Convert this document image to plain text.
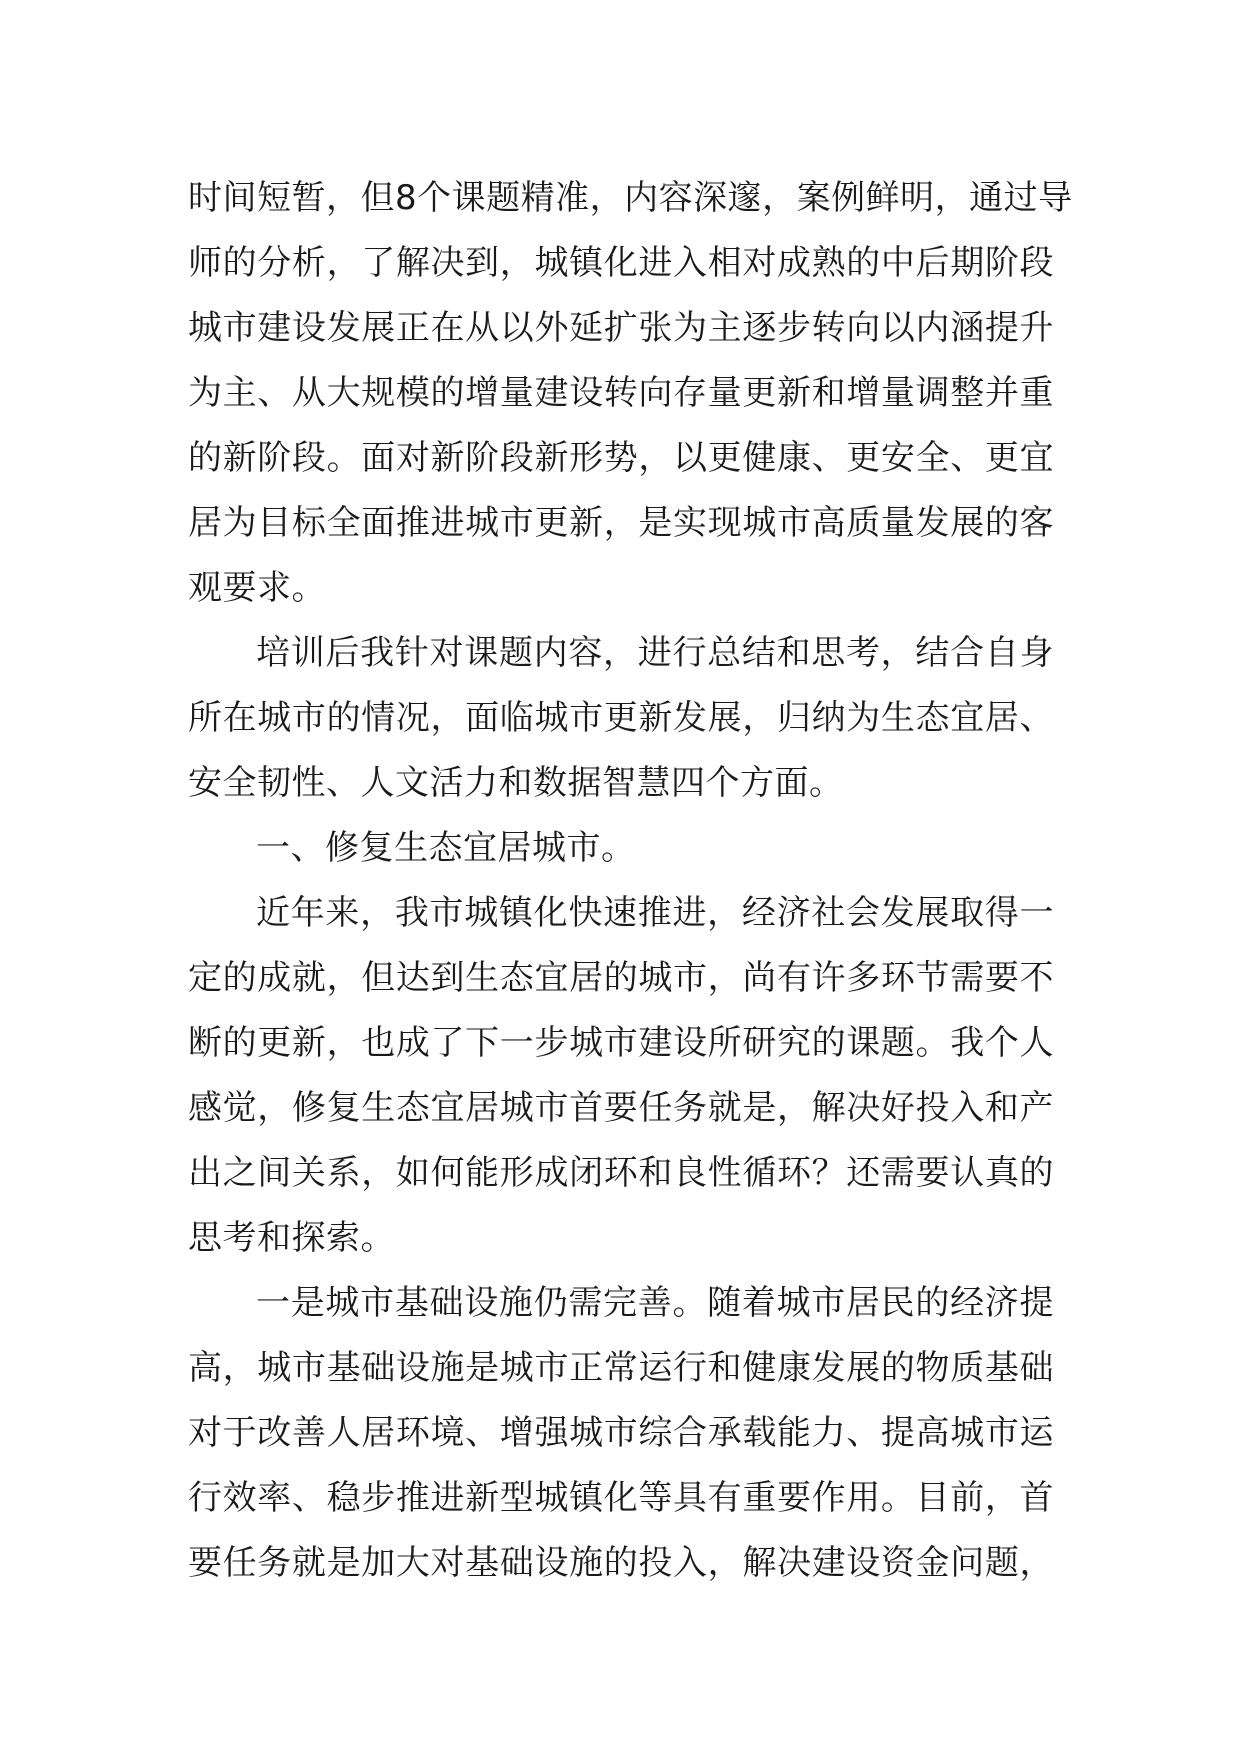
时间短暂，但8个课题精准，内容深邃，案例鲜明，通过导
师的分析，了解决到，城镇化进入相对成熟的中后期阶段
城市建设发展正在从以外延扩张为主逐步转向以内涵提升
为主、从大规模的增量建设转向存量更新和增量调整并重
的新阶段。面对新阶段新形势，以更健康、更安全、更宜
居为目标全面推进城市更新，是实现城市高质量发展的客
观要求。
培训后我针对课题内容，进行总结和思考，结合自身
所在城市的情况，面临城市更新发展，归纳为生态宜居、
安全韧性、人文活力和数据智慧四个方面。
一、修复生态宜居城市。
近年来，我市城镇化快速推进，经济社会发展取得一
定的成就，但达到生态宜居的城市，尚有许多环节需要不
断的更新，也成了下一步城市建设所研究的课题。我个人
感觉，修复生态宜居城市首要任务就是，解决好投入和产
出之间关系，如何能形成闭环和良性循环？还需要认真的
思考和探索。
一是城市基础设施仍需完善。随着城市居民的经济提
高，城市基础设施是城市正常运行和健康发展的物质基础
对于改善人居环境、增强城市综合承载能力、提高城市运
行效率、稳步推进新型城镇化等具有重要作用。目前，首
要任务就是加大对基础设施的投入，解决建设资金问题，
